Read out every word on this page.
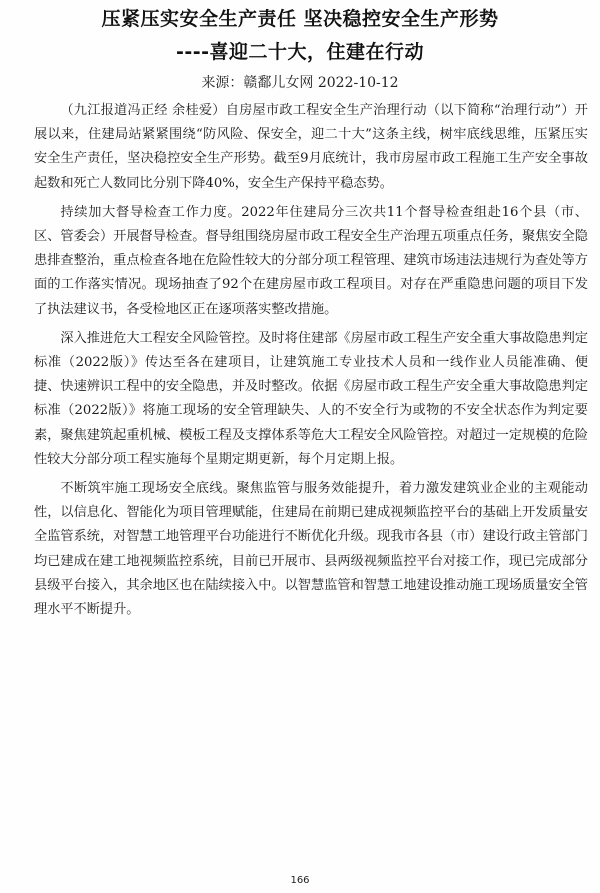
压紧压实安全生产责任 坚决稳控安全生产形势
----喜迎二十大，住建在行动
来源：赣鄱儿女网 2022-10-12

（九江报道冯正经 余桂爱）自房屋市政工程安全生产治理行动（以下简称“治理行动”）开展以来，住建局站紧紧围绕“防风险、保安全，迎二十大”这条主线，树牢底线思维，压紧压实安全生产责任，坚决稳控安全生产形势。截至9月底统计，我市房屋市政工程施工生产安全事故起数和死亡人数同比分别下降40%，安全生产保持平稳态势。

持续加大督导检查工作力度。2022年住建局分三次共11个督导检查组赴16个县（市、区、管委会）开展督导检查。督导组围绕房屋市政工程安全生产治理五项重点任务，聚焦安全隐患排查整治，重点检查各地在危险性较大的分部分项工程管理、建筑市场违法违规行为查处等方面的工作落实情况。现场抽查了92个在建房屋市政工程项目。对存在严重隐患问题的项目下发了执法建议书，各受检地区正在逐项落实整改措施。

深入推进危大工程安全风险管控。及时将住建部《房屋市政工程生产安全重大事故隐患判定标准（2022版）》传达至各在建项目，让建筑施工专业技术人员和一线作业人员能准确、便捷、快速辨识工程中的安全隐患，并及时整改。依据《房屋市政工程生产安全重大事故隐患判定标准（2022版）》将施工现场的安全管理缺失、人的不安全行为或物的不安全状态作为判定要素，聚焦建筑起重机械、模板工程及支撑体系等危大工程安全风险管控。对超过一定规模的危险性较大分部分项工程实施每个星期定期更新，每个月定期上报。

不断筑牢施工现场安全底线。聚焦监管与服务效能提升，着力激发建筑业企业的主观能动性，以信息化、智能化为项目管理赋能，住建局在前期已建成视频监控平台的基础上开发质量安全监管系统，对智慧工地管理平台功能进行不断优化升级。现我市各县（市）建设行政主管部门均已建成在建工地视频监控系统，目前已开展市、县两级视频监控平台对接工作，现已完成部分县级平台接入，其余地区也在陆续接入中。以智慧监管和智慧工地建设推动施工现场质量安全管理水平不断提升。

166
